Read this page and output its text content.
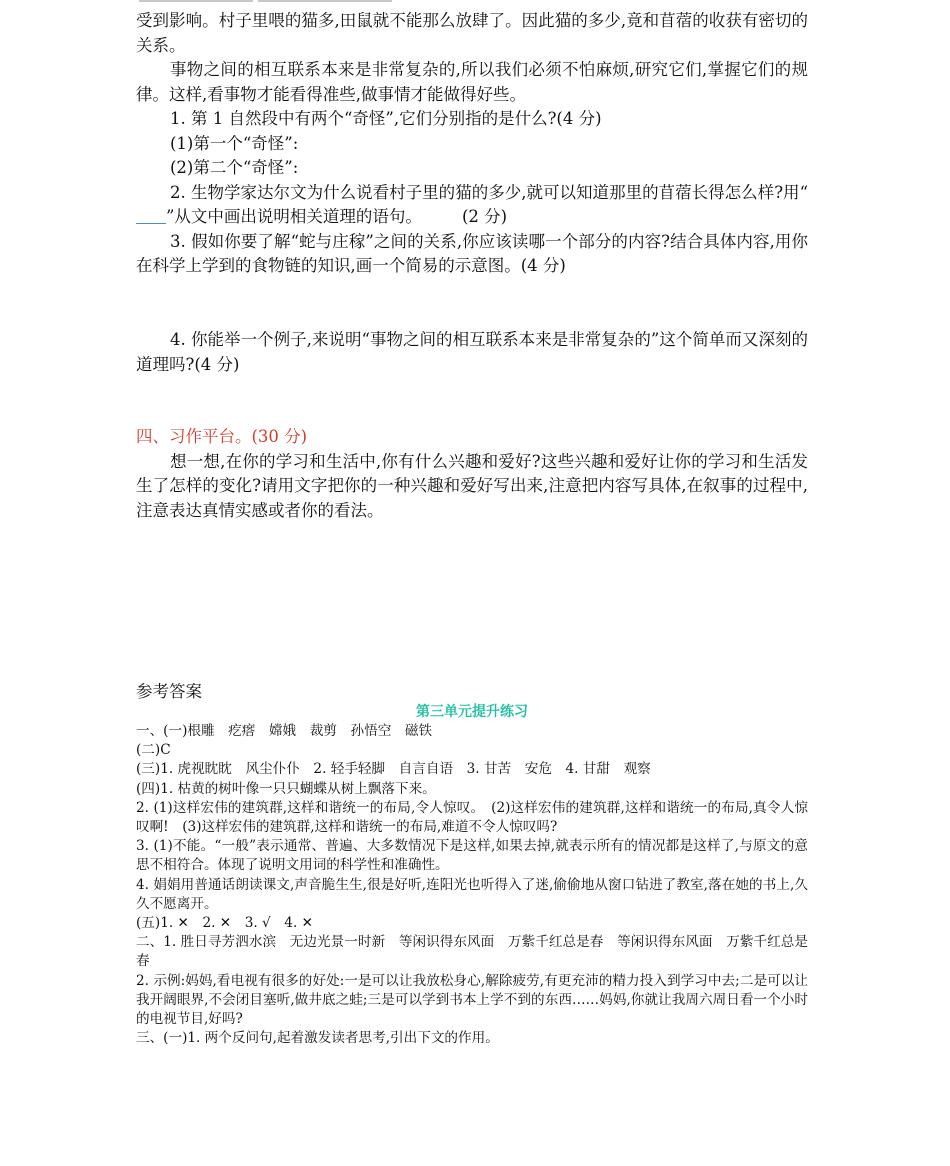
受到影响。村子里喂的猫多,田鼠就不能那么放肆了。因此猫的多少,竟和苜蓿的收获有密切的关系。

事物之间的相互联系本来是非常复杂的,所以我们必须不怕麻烦,研究它们,掌握它们的规律。这样,看事物才能看得准些,做事情才能做得好些。

1. 第 1 自然段中有两个“奇怪”,它们分别指的是什么?(4 分)

(1)第一个“奇怪”:

(2)第二个“奇怪”:

2. 生物学家达尔文为什么说看村子里的猫的多少,就可以知道那里的苜蓿长得怎么样?用“”从文中画出说明相关道理的语句。 (2 分)

3. 假如你要了解“蛇与庄稼”之间的关系,你应该读哪一个部分的内容?结合具体内容,用你在科学上学到的食物链的知识,画一个简易的示意图。(4 分)

4. 你能举一个例子,来说明“事物之间的相互联系本来是非常复杂的”这个简单而又深刻的道理吗?(4 分)

四、习作平台。(30 分)

想一想,在你的学习和生活中,你有什么兴趣和爱好?这些兴趣和爱好让你的学习和生活发生了怎样的变化?请用文字把你的一种兴趣和爱好写出来,注意把内容写具体,在叙事的过程中,注意表达真情实感或者你的看法。

参考答案

第三单元提升练习

一、(一)根雕　疙瘩　嫦娥　裁剪　孙悟空　磁铁

(二)C

(三)1. 虎视眈眈　风尘仆仆　2. 轻手轻脚　自言自语　3. 甘苦　安危　4. 甘甜　观察

(四)1. 枯黄的树叶像一只只蝴蝶从树上飘落下来。

2. (1)这样宏伟的建筑群,这样和谐统一的布局,令人惊叹。　(2)这样宏伟的建筑群,这样和谐统一的布局,真令人惊叹啊!　(3)这样宏伟的建筑群,这样和谐统一的布局,难道不令人惊叹吗?

3. (1)不能。“一般”表示通常、普遍、大多数情况下是这样,如果去掉,就表示所有的情况都是这样了,与原文的意思不相符合。体现了说明文用词的科学性和准确性。

4. 娟娟用普通话朗读课文,声音脆生生,很是好听,连阳光也听得入了迷,偷偷地从窗口钻进了教室,落在她的书上,久久不愿离开。

(五)1. ✕　2. ✕　3. √　4. ✕

二、1. 胜日寻芳泗水滨　无边光景一时新　等闲识得东风面　万紫千红总是春　等闲识得东风面　万紫千红总是春

2. 示例:妈妈,看电视有很多的好处:一是可以让我放松身心,解除疲劳,有更充沛的精力投入到学习中去;二是可以让我开阔眼界,不会闭目塞听,做井底之蛙;三是可以学到书本上学不到的东西……妈妈,你就让我周六周日看一个小时的电视节目,好吗?

三、(一)1. 两个反问句,起着激发读者思考,引出下文的作用。
